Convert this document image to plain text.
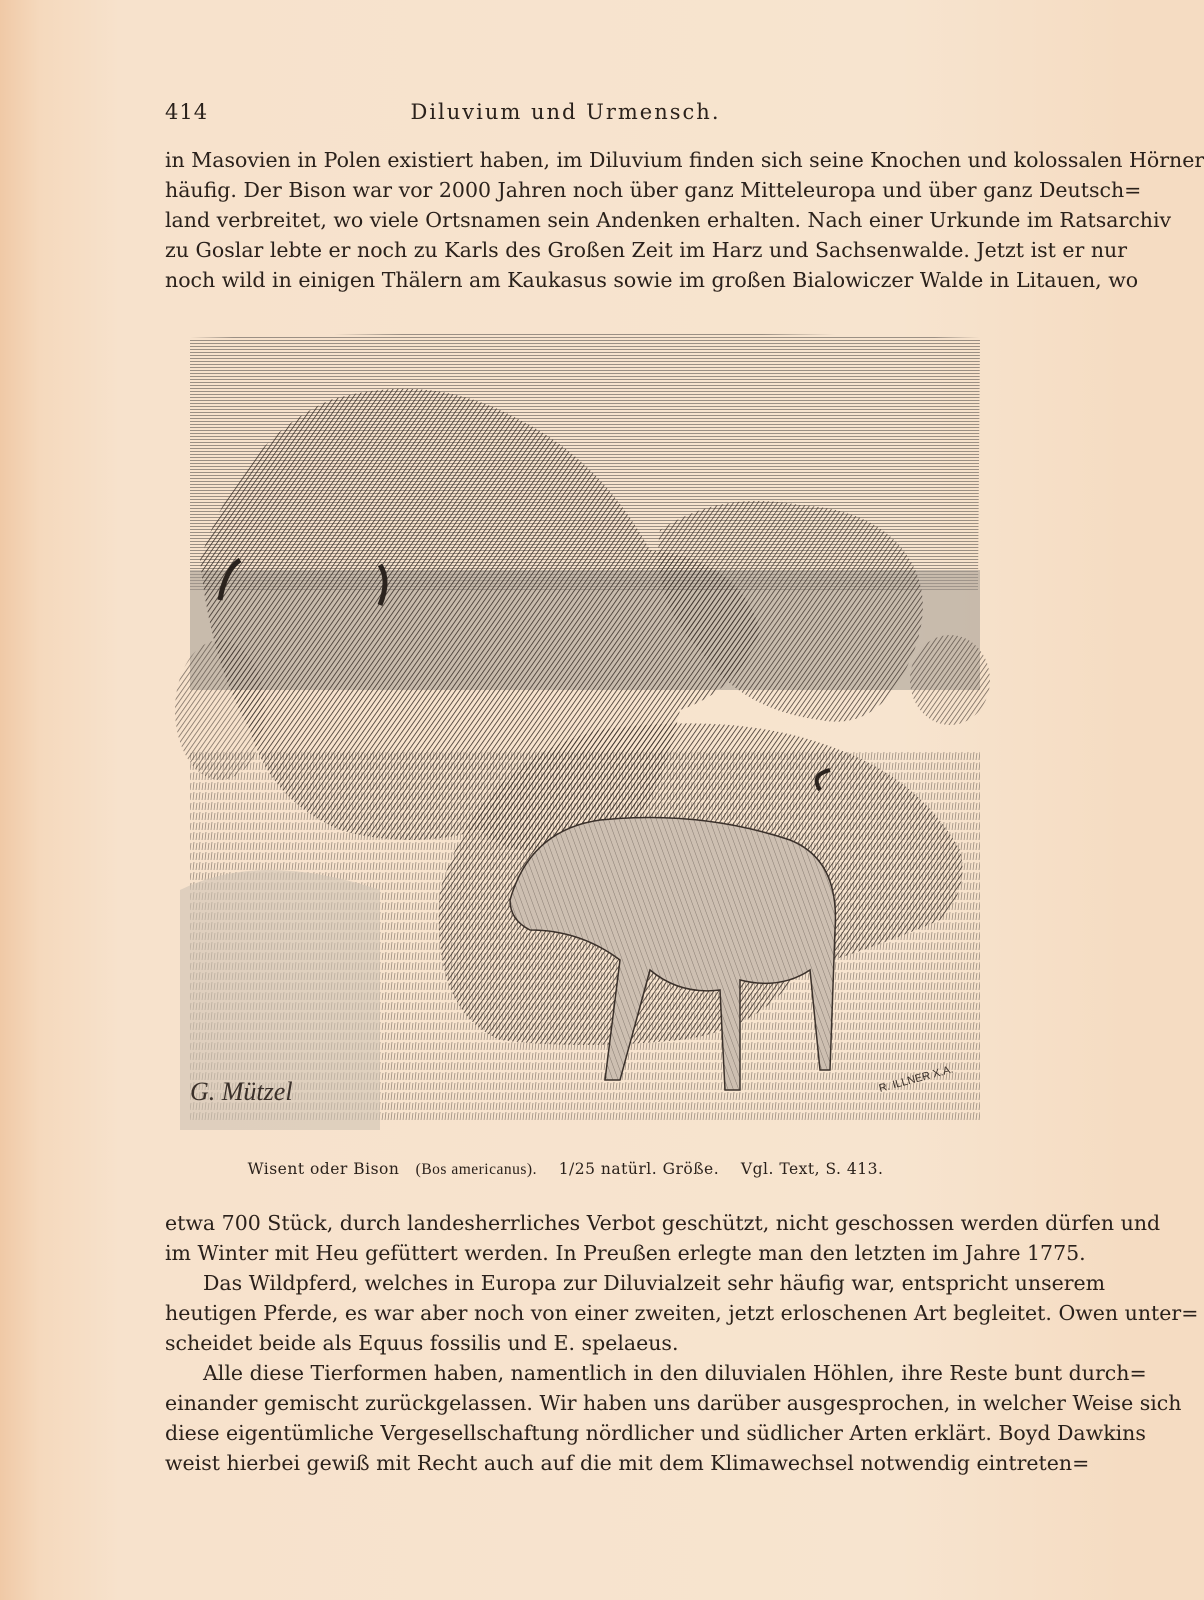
414	Diluvium und Urmensch.
in Masovien in Polen existiert haben, im Diluvium finden sich seine Knochen und kolossalen Hörner
häufig. Der Bison war vor 2000 Jahren noch über ganz Mitteleuropa und über ganz Deutsch=
land verbreitet, wo viele Ortsnamen sein Andenken erhalten. Nach einer Urkunde im Ratsarchiv
zu Goslar lebte er noch zu Karls des Großen Zeit im Harz und Sachsenwalde. Jetzt ist er nur
noch wild in einigen Thälern am Kaukasus sowie im großen Bialowiczer Walde in Litauen, wo
G. Mützel	R. ILLNER X.A.
Wisent oder Bison (Bos americanus). 1/25 natürl. Größe. Vgl. Text, S. 413.
etwa 700 Stück, durch landesherrliches Verbot geschützt, nicht geschossen werden dürfen und
im Winter mit Heu gefüttert werden. In Preußen erlegte man den letzten im Jahre 1775.
Das Wildpferd, welches in Europa zur Diluvialzeit sehr häufig war, entspricht unserem
heutigen Pferde, es war aber noch von einer zweiten, jetzt erloschenen Art begleitet. Owen unter=
scheidet beide als Equus fossilis und E. spelaeus.
Alle diese Tierformen haben, namentlich in den diluvialen Höhlen, ihre Reste bunt durch=
einander gemischt zurückgelassen. Wir haben uns darüber ausgesprochen, in welcher Weise sich
diese eigentümliche Vergesellschaftung nördlicher und südlicher Arten erklärt. Boyd Dawkins
weist hierbei gewiß mit Recht auch auf die mit dem Klimawechsel notwendig eintreten=
